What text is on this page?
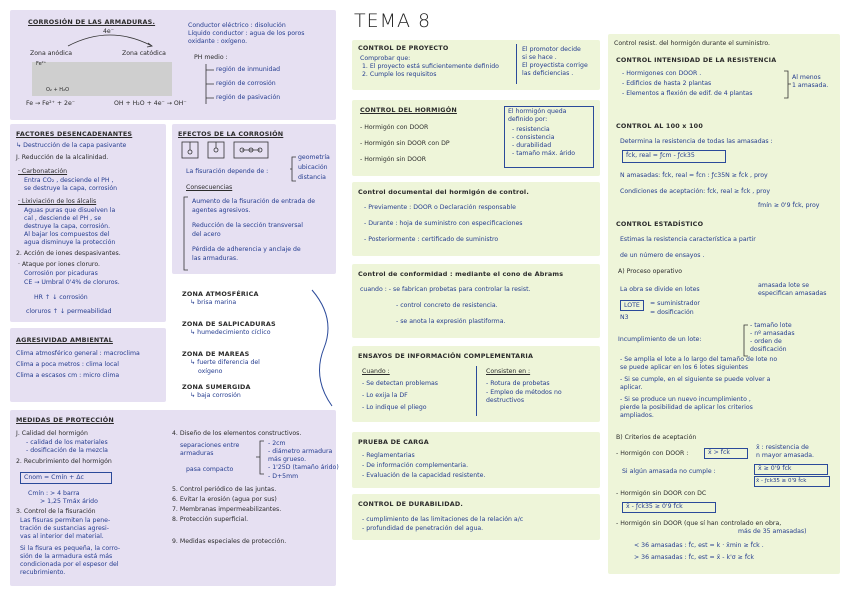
TEMA 8
CORROSIÓN DE LAS ARMADURAS.
4e⁻
Zona anódica	Zona catódica
Fe²⁺
O₂ + H₂O
Fe → Fe²⁺ + 2e⁻	OH + H₂O + 4e⁻ → OH⁻
Conductor eléctrico : disolución
Líquido conductor : agua de los poros
oxidante : oxígeno.
PH medio :
región de inmunidad
región de corrosión
región de pasivación
FACTORES DESENCADENANTES
↳ Destrucción de la capa pasivante
J. Reducción de la alcalinidad.
· Carbonatación
Entra CO₂ , desciende el PH ,
se destruye la capa, corrosión
· Lixiviación de los álcalis
Aguas puras que disuelven la
cal , desciende el PH , se
destruye la capa, corrosión.
Al bajar los compuestos del
agua disminuye la protección
2. Acción de iones despasivantes.
· Ataque por iones cloruro.
Corrosión por picaduras
CE → Umbral 0'4% de cloruros.
HR ↑ ↓ corrosión
cloruros ↑ ↓ permeabilidad
EFECTOS DE LA CORROSIÓN
La fisuración depende de :
geometría
ubicación
distancia
Consecuencias
Aumento de la fisuración de entrada de
agentes agresivos.
Reducción de la sección transversal
del acero
Pérdida de adherencia y anclaje de
las armaduras.
ZONA ATMOSFÉRICA
↳ brisa marina
ZONA DE SALPICADURAS
↳ humedecimiento cíclico
ZONA DE MAREAS
↳ fuerte diferencia del
oxígeno
ZONA SUMERGIDA
↳ baja corrosión
AGRESIVIDAD AMBIENTAL
Clima atmosférico general : macroclima
Clima a poca metros : clima local
Clima a escasos cm : micro clima
MEDIDAS DE PROTECCIÓN
J. Calidad del hormigón
- calidad de los materiales
- dosificación de la mezcla
2. Recubrimiento del hormigón
Cnom = Cmín + Δc
Cmín : > 4 barra
> 1,25 Tmáx árido
3. Control de la fisuración
Las fisuras permiten la pene-
tración de sustancias agresi-
vas al interior del material.
Si la fisura es pequeña, la corro-
sión de la armadura está más
condicionada por el espesor del
recubrimiento.
4. Diseño de los elementos constructivos.
separaciones entre
armaduras
pasa compacto
- 2cm
- diámetro armadura
más grueso.
- 1'25D (tamaño árido)
- D+5mm
5. Control periódico de las juntas.
6. Evitar la erosión (agua por sus)
7. Membranas impermeabilizantes.
8. Protección superficial.
9. Medidas especiales de protección.
CONTROL DE PROYECTO
Comprobar que:
1. El proyecto está suficientemente definido
2. Cumple los requisitos
El promotor decide
si se hace .
El proyectista corrige
las deficiencias .
CONTROL DEL HORMIGÓN
- Hormigón con DOOR
- Hormigón sin DOOR con DP
- Hormigón sin DOOR
El hormigón queda
definido por:
- resistencia
- consistencia
- durabilidad
- tamaño máx. árido
Control documental del hormigón de control.
- Previamente : DOOR o Declaración responsable
- Durante : hoja de suministro con especificaciones
- Posteriormente : certificado de suministro
Control de conformidad : mediante el cono de Abrams
cuando : - se fabrican probetas para controlar la resist.
- control concreto de resistencia.
- se anota la expresión plastiforma.
ENSAYOS DE INFORMACIÓN COMPLEMENTARIA
Cuando :
- Se detectan problemas
- Lo exija la DF
- Lo indique el pliego
Consisten en :
- Rotura de probetas
- Empleo de métodos no
destructivos
PRUEBA DE CARGA
- Reglamentarias
- De información complementaria.
- Evaluación de la capacidad resistente.
CONTROL DE DURABILIDAD.
- cumplimiento de las limitaciones de la relación a/c
- profundidad de penetración del agua.
Control resist. del hormigón durante el suministro.
CONTROL INTENSIDAD DE LA RESISTENCIA
- Hormigones con DOOR .
- Edificios de hasta 2 plantas
- Elementos a flexión de edif. de 4 plantas
Al menos
1 amasada.
CONTROL AL 100 x 100
Determina la resistencia de todas las amasadas :
f̂ck, real = ƒcm - ƒck35
N amasadas: f̂ck, real = f̂cn : ƒc35N ≥ f̂ck , proy
Condiciones de aceptación: f̂ck, real ≥ f̂ck , proy
fmín ≥ 0'9 f̂ck, proy
CONTROL ESTADÍSTICO
Estimas la resistencia característica a partir
de un número de ensayos .
A) Proceso operativo
La obra se divide en lotes
amasada lote se
especifican amasadas
LOTE = suministrador
= dosificación
N3
Incumplimiento de un lote:
- tamaño lote
- nº amasadas
- orden de
dosificación
- Se amplía el lote a lo largo del tamaño de lote no
se puede aplicar en los 6 lotes siguientes
- Si se cumple, en el siguiente se puede volver a
aplicar.
- Si se produce un nuevo incumplimiento ,
pierde la posibilidad de aplicar los criterios
ampliados.
B) Criterios de aceptación
- Hormigón con DOOR :	x̄ > f̂ck
x̄ : resistencia de
n mayor amasada.
Si algún amasada no cumple :	x̄ ≥ 0'9 f̂ck
x̄ - ƒck35 ≥ 0'9 f̂ck
- Hormigón sin DOOR con DC
x̄ - ƒck35 ≥ 0'9 f̂ck
- Hormigón sin DOOR (que sí han controlado en obra,
más de 35 amasadas)
< 36 amasadas : f̂c, est = k · x̄min ≥ f̂ck .
> 36 amasadas : f̂c, est = x̄ - k'σ ≥ f̂ck
